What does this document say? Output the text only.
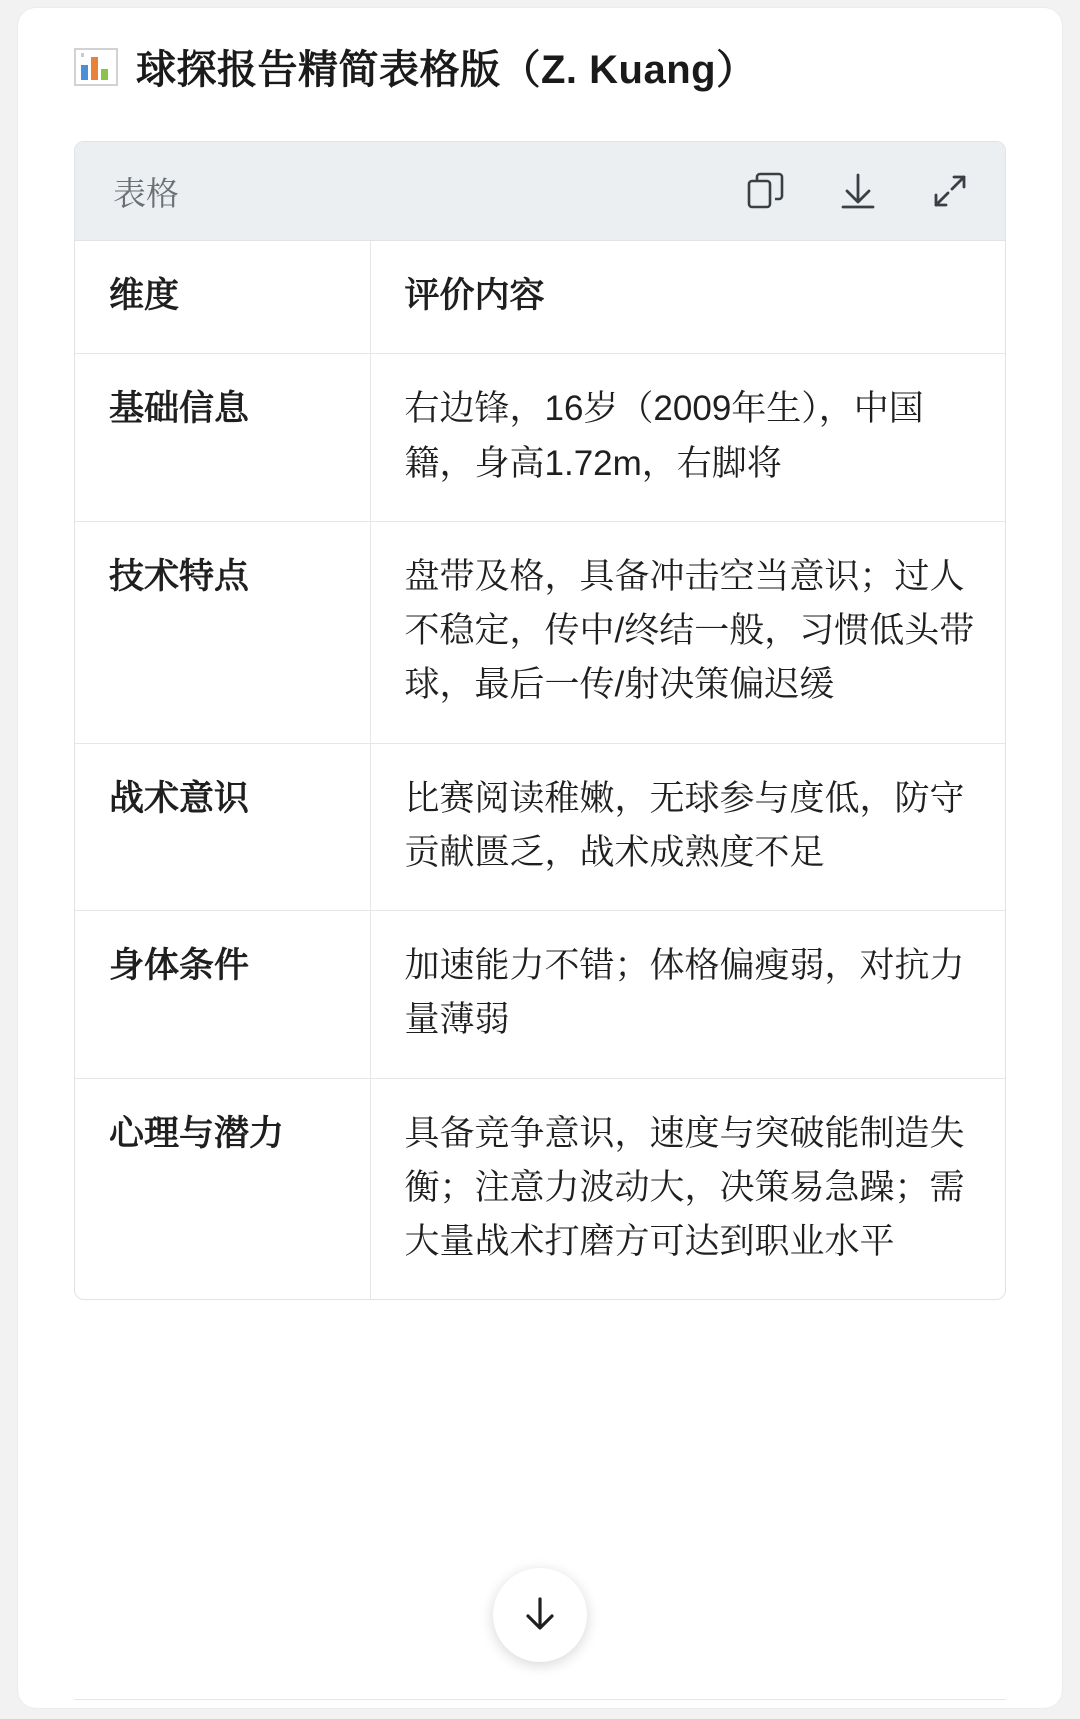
球探报告精简表格版（Z. Kuang）
表格
维度	评价内容
基础信息	右边锋，16岁（2009年生），中国籍，身高1.72m，右脚将
技术特点	盘带及格，具备冲击空当意识；过人不稳定，传中/终结一般，习惯低头带球，最后一传/射决策偏迟缓
战术意识	比赛阅读稚嫩，无球参与度低，防守贡献匮乏，战术成熟度不足
身体条件	加速能力不错；体格偏瘦弱，对抗力量薄弱
心理与潜力	具备竞争意识，速度与突破能制造失衡；注意力波动大，决策易急躁；需大量战术打磨方可达到职业水平
